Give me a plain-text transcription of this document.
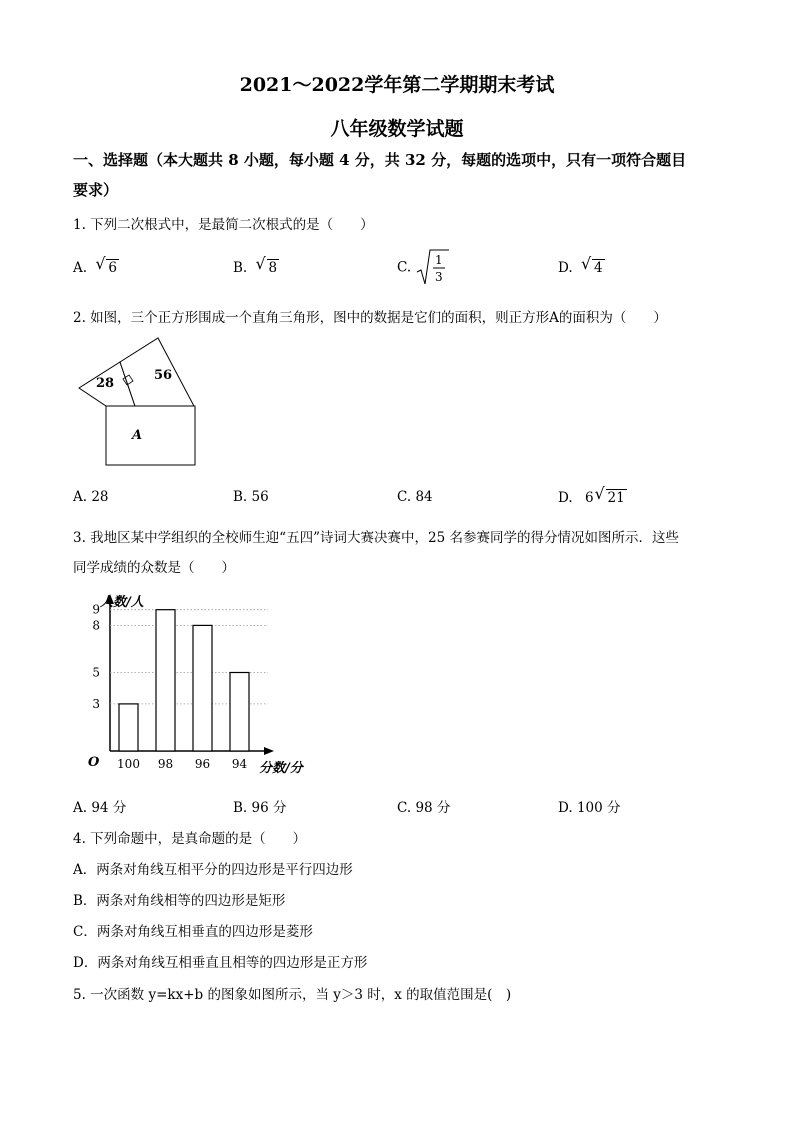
2021～2022学年第二学期期末考试
八年级数学试题
一、选择题（本大题共 8 小题，每小题 4 分，共 32 分，每题的选项中，只有一项符合题目
要求）
1. 下列二次根式中，是最简二次根式的是（　　）
A. √ 6	B. √ 8	C. 1
3
D. √ 4
2. 如图，三个正方形围成一个直角三角形，图中的数据是它们的面积，则正方形A的面积为（　　）
28
56
A
A. 28	B. 56	C. 84	D. 6 √ 21
3. 我地区某中学组织的全校师生迎“五四”诗词大赛决赛中，25 名参赛同学的得分情况如图所示．这些
同学成绩的众数是（　　）
100 98 96 94
3
5
8
9
O
人数/人
分数/分
A. 94 分	B. 96 分	C. 98 分	D. 100 分
4. 下列命题中，是真命题的是（　　）
A．两条对角线互相平分的四边形是平行四边形
B．两条对角线相等的四边形是矩形
C．两条对角线互相垂直的四边形是菱形
D．两条对角线互相垂直且相等的四边形是正方形
5. 一次函数 y=kx+b 的图象如图所示，当 y＞3 时，x 的取值范围是(　)
